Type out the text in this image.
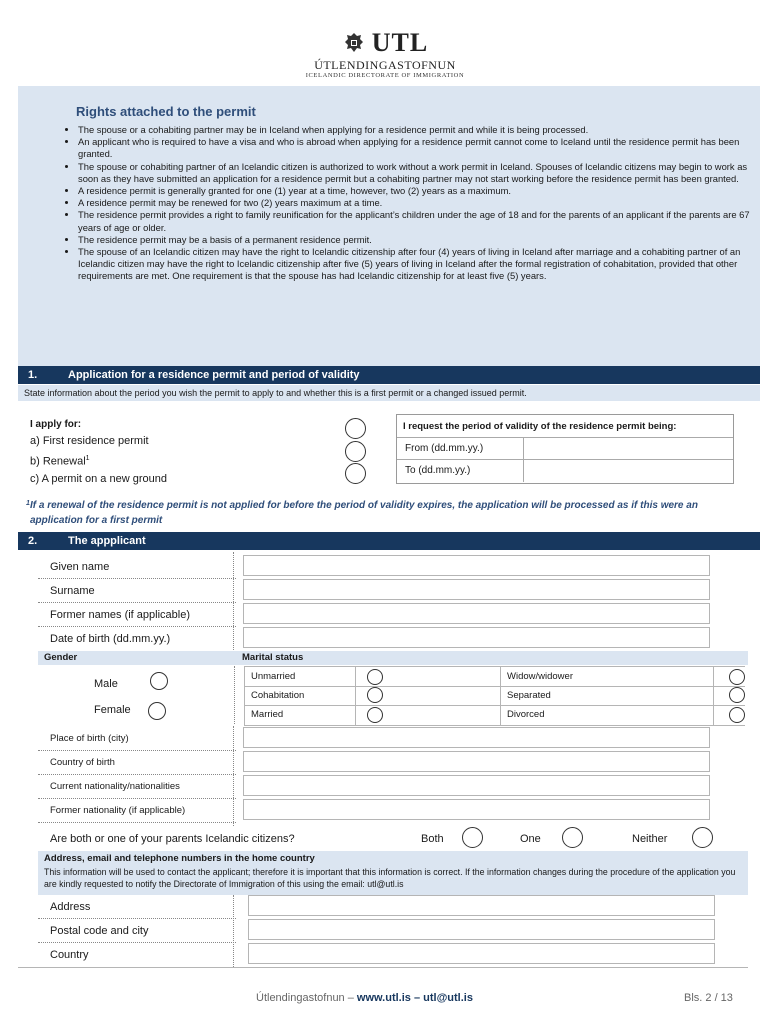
UTL
ÚTLENDINGASTOFNUN
ICELANDIC DIRECTORATE OF IMMIGRATION
Rights attached to the permit
• The spouse or a cohabiting partner may be in Iceland when applying for a residence permit and while it is being processed.
• An applicant who is required to have a visa and who is abroad when applying for a residence permit cannot come to Iceland until the residence permit has been granted.
• The spouse or cohabiting partner of an Icelandic citizen is authorized to work without a work permit in Iceland. Spouses of Icelandic citizens may begin to work as soon as they have submitted an application for a residence permit but a cohabiting partner may not start working before the residence permit has been granted.
• A residence permit is generally granted for one (1) year at a time, however, two (2) years as a maximum.
• A residence permit may be renewed for two (2) years maximum at a time.
• The residence permit provides a right to family reunification for the applicant’s children under the age of 18 and for the parents of an applicant if the parents are 67 years of age or older.
• The residence permit may be a basis of a permanent residence permit.
• The spouse of an Icelandic citizen may have the right to Icelandic citizenship after four (4) years of living in Iceland after marriage and a cohabiting partner of an Icelandic citizen may have the right to Icelandic citizenship after five (5) years of living in Iceland after the formal registration of cohabitation, provided that other requirements are met. One requirement is that the spouse has had Icelandic citizenship for at least five (5) years.
1.	Application for a residence permit and period of validity
State information about the period you wish the permit to apply to and whether this is a first permit or a changed issued permit.
I apply for:
a) First residence permit
b) Renewal$^1$
c) A permit on a new ground
I request the period of validity of the residence permit being:
From (dd.mm.yy.)
To (dd.mm.yy.)
1 If a renewal of the residence permit is not applied for before the period of validity expires, the application will be processed as if this were an application for a first permit
2.	The appplicant
Given name
Surname
Former names (if applicable)
Date of birth (dd.mm.yy.)
Gender	Marital status
Male
Female
Unmarried
Cohabitation
Married
Widow/widower
Separated
Divorced
Place of birth (city)
Country of birth
Current nationality/nationalities
Former nationality (if applicable)
Are both or one of your parents Icelandic citizens?	Both	One	Neither
Address, email and telephone numbers in the home country
This information will be used to contact the applicant; therefore it is important that this information is correct. If the information changes during the procedure of the application you are kindly requested to notify the Directorate of Immigration of this using the email: utl@utl.is
Address
Postal code and city
Country
Útlendingastofnun – www.utl.is – utl@utl.is	Bls. 2 / 13
